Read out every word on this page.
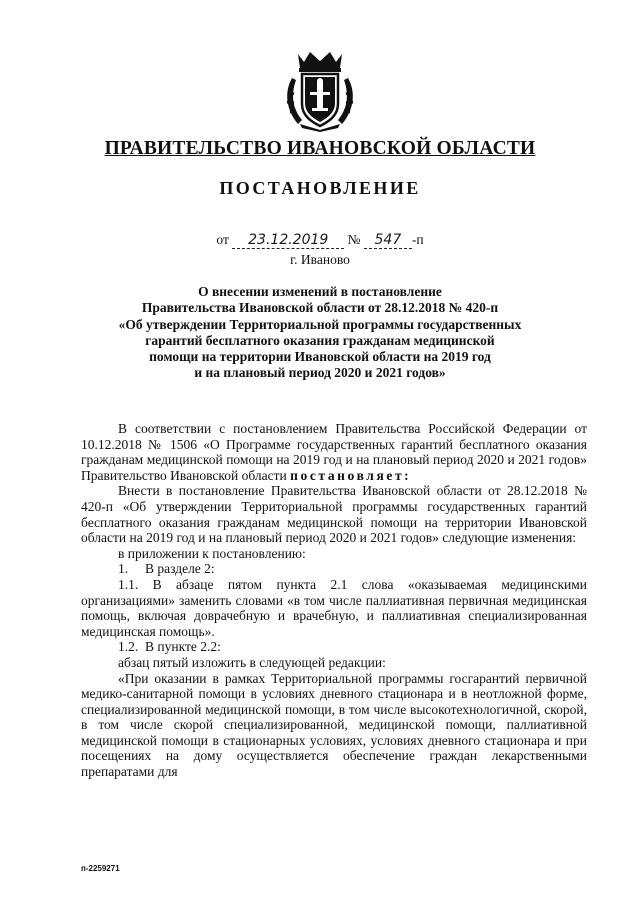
ПРАВИТЕЛЬСТВО ИВАНОВСКОЙ ОБЛАСТИ
ПОСТАНОВЛЕНИЕ
от 23.12.2019 № 547 -п
г. Иваново
О внесении изменений в постановление
Правительства Ивановской области от 28.12.2018 № 420-п
«Об утверждении Территориальной программы государственных
гарантий бесплатного оказания гражданам медицинской
помощи на территории Ивановской области на 2019 год
и на плановый период 2020 и 2021 годов»

В соответствии с постановлением Правительства Российской Федерации от 10.12.2018 № 1506 «О Программе государственных гарантий бесплатного оказания гражданам медицинской помощи на 2019 год и на плановый период 2020 и 2021 годов» Правительство Ивановской области постановляет:

Внести в постановление Правительства Ивановской области от 28.12.2018 № 420-п «Об утверждении Территориальной программы государственных гарантий бесплатного оказания гражданам медицинской помощи на территории Ивановской области на 2019 год и на плановый период 2020 и 2021 годов» следующие изменения:

в приложении к постановлению:

1.     В разделе 2:

1.1. В абзаце пятом пункта 2.1 слова «оказываемая медицинскими организациями» заменить словами «в том числе паллиативная первичная медицинская помощь, включая доврачебную и врачебную, и паллиативная специализированная медицинская помощь».

1.2.  В пункте 2.2:

абзац пятый изложить в следующей редакции:

«При оказании в рамках Территориальной программы госгарантий первичной медико-санитарной помощи в условиях дневного стационара и в неотложной форме, специализированной медицинской помощи, в том числе высокотехнологичной, скорой, в том числе скорой специализированной, медицинской помощи, паллиативной медицинской помощи в стационарных условиях, условиях дневного стационара и при посещениях на дому осуществляется обеспечение граждан лекарственными препаратами для

п-2259271
